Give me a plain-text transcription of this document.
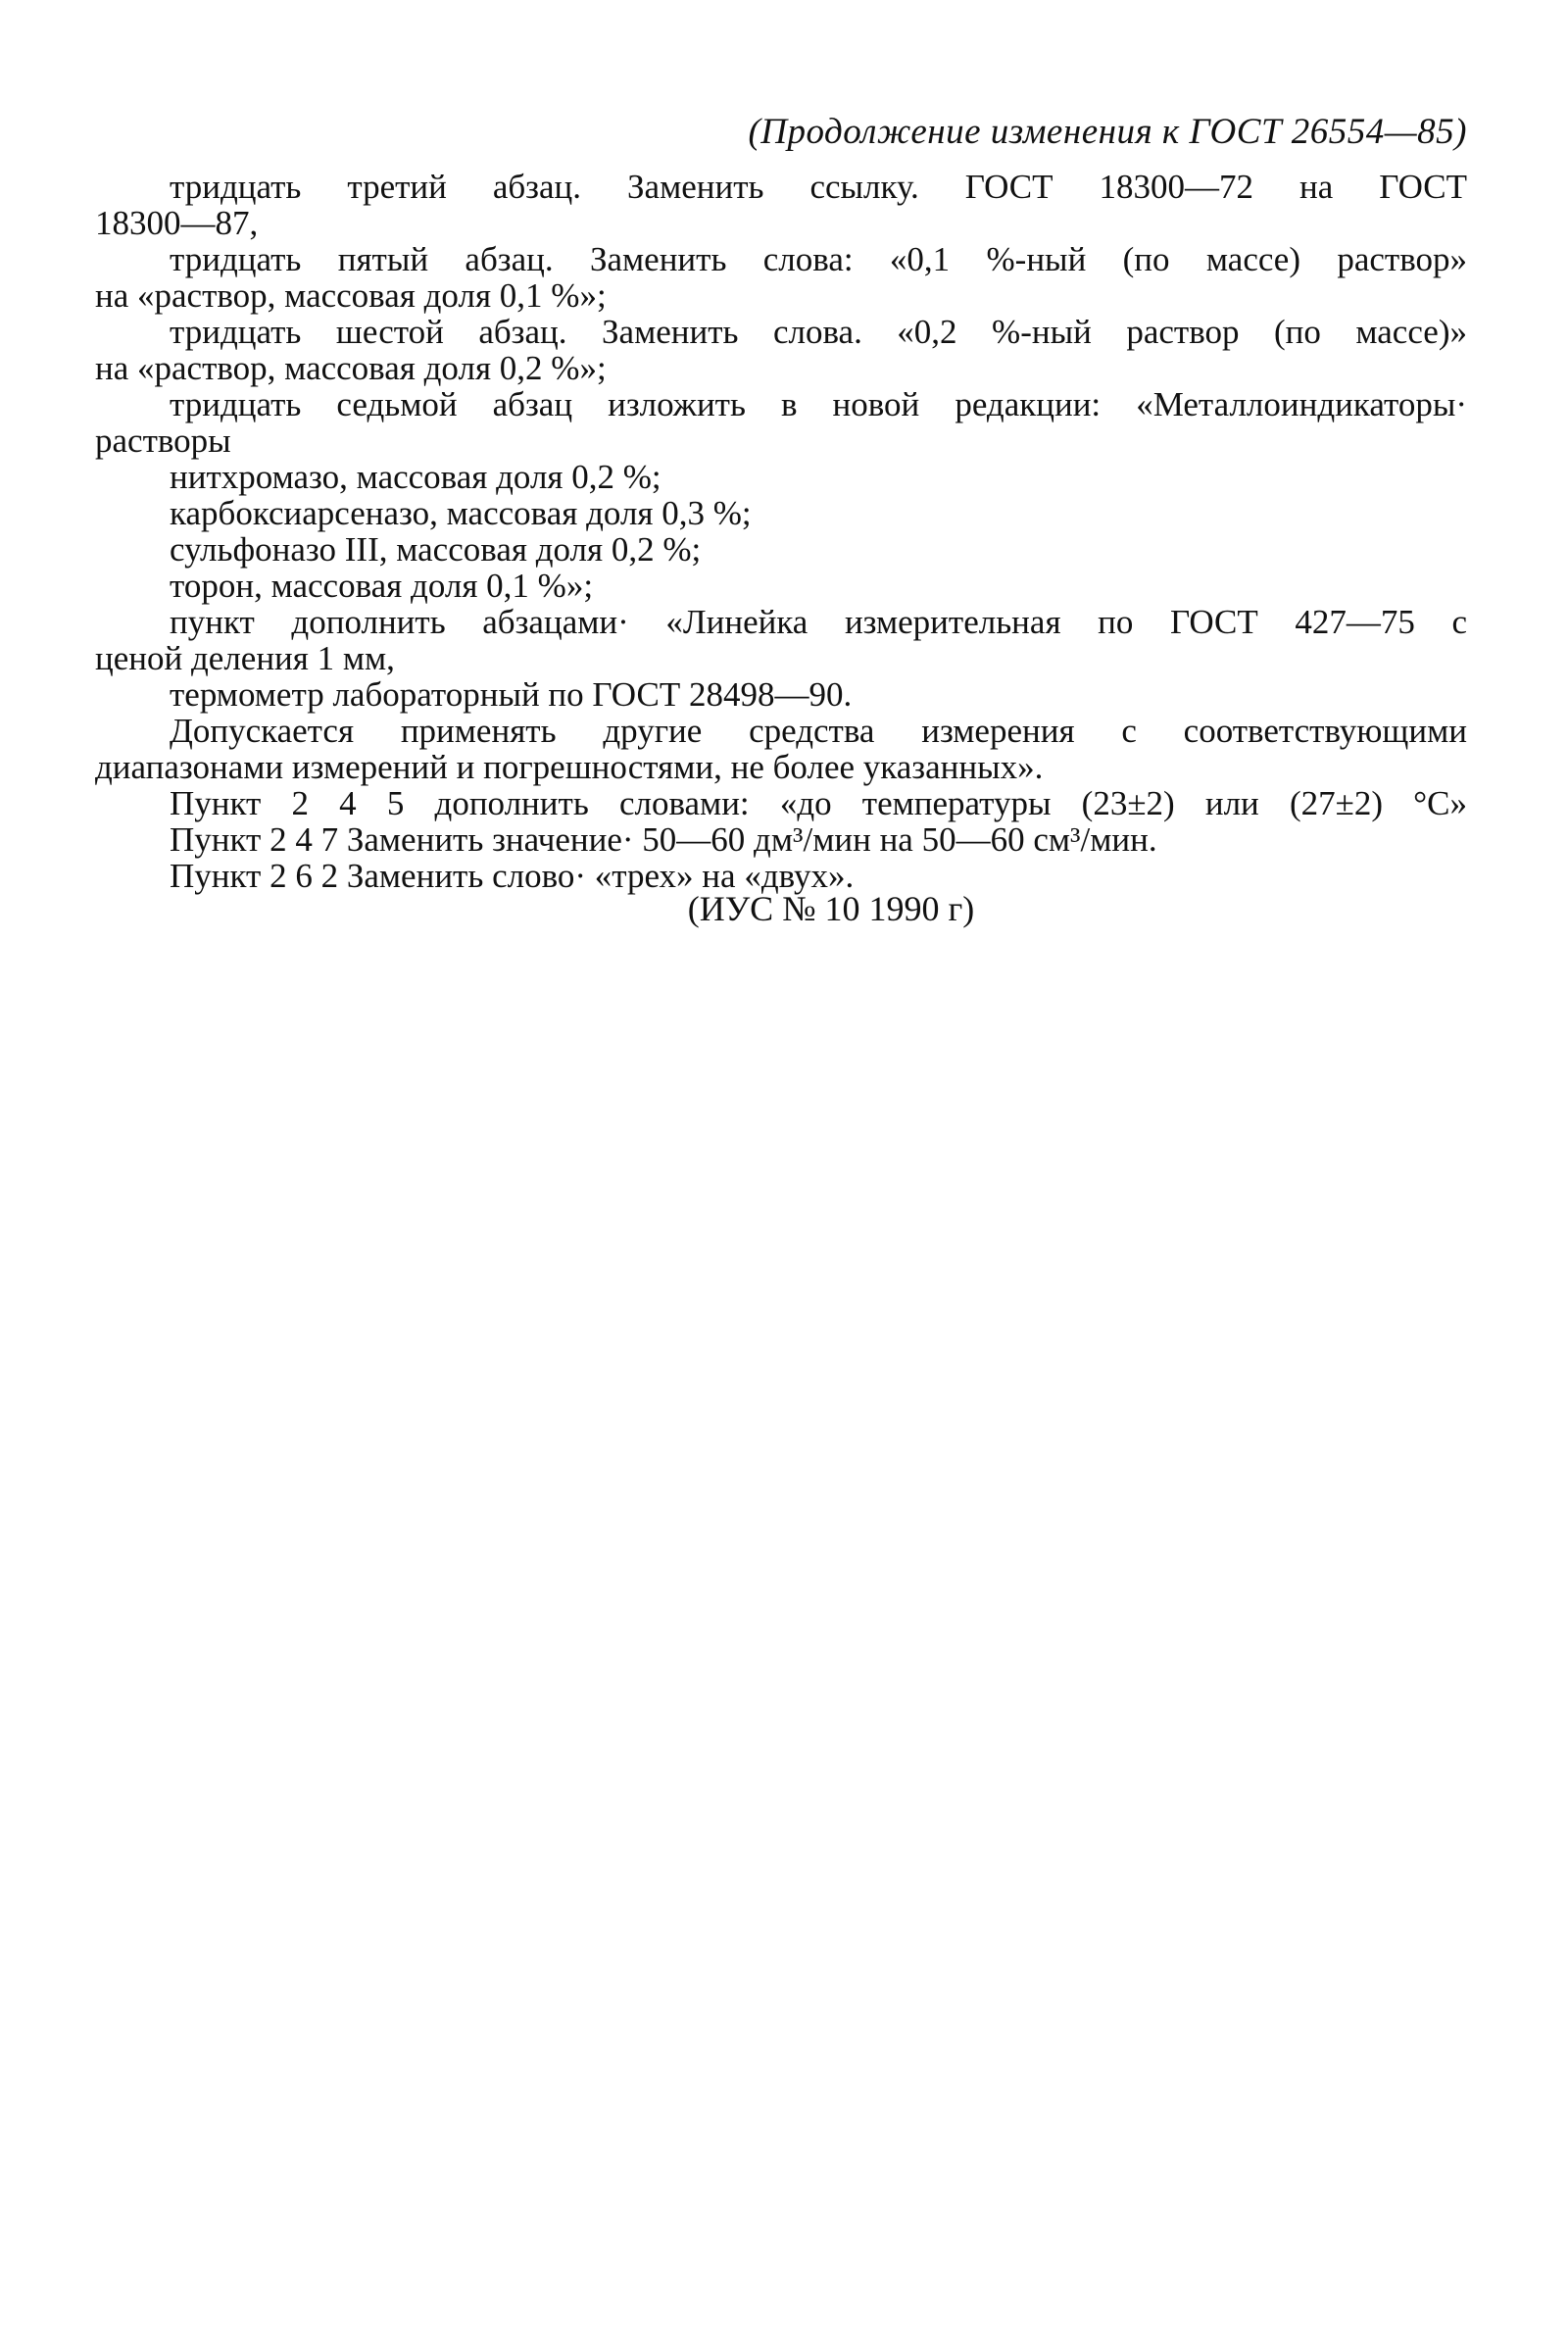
(Продолжение изменения к ГОСТ 26554—85)
тридцать третий абзац. Заменить ссылку. ГОСТ 18300—72 на ГОСТ
18300—87,
тридцать пятый абзац. Заменить слова: «0,1 %-ный (по массе) раствор»
на «раствор, массовая доля 0,1 %»;
тридцать шестой абзац. Заменить слова. «0,2 %-ный раствор (по массе)»
на «раствор, массовая доля 0,2 %»;
тридцать седьмой абзац изложить в новой редакции: «Металлоиндикаторы·
растворы
нитхромазо, массовая доля 0,2 %;
карбоксиарсеназо, массовая доля 0,3 %;
сульфоназо III, массовая доля 0,2 %;
торон, массовая доля 0,1 %»;
пункт дополнить абзацами· «Линейка измерительная по ГОСТ 427—75 с
ценой деления 1 мм,
термометр лабораторный по ГОСТ 28498—90.
Допускается применять другие средства измерения с соответствующими
диапазонами измерений и погрешностями, не более указанных».
Пункт 2 4 5 дополнить словами: «до температуры (23±2) или (27±2) °С»
Пункт 2 4 7 Заменить значение· 50—60 дм³/мин на 50—60 см³/мин.
Пункт 2 6 2 Заменить слово· «трех» на «двух».
(ИУС № 10 1990 г)
